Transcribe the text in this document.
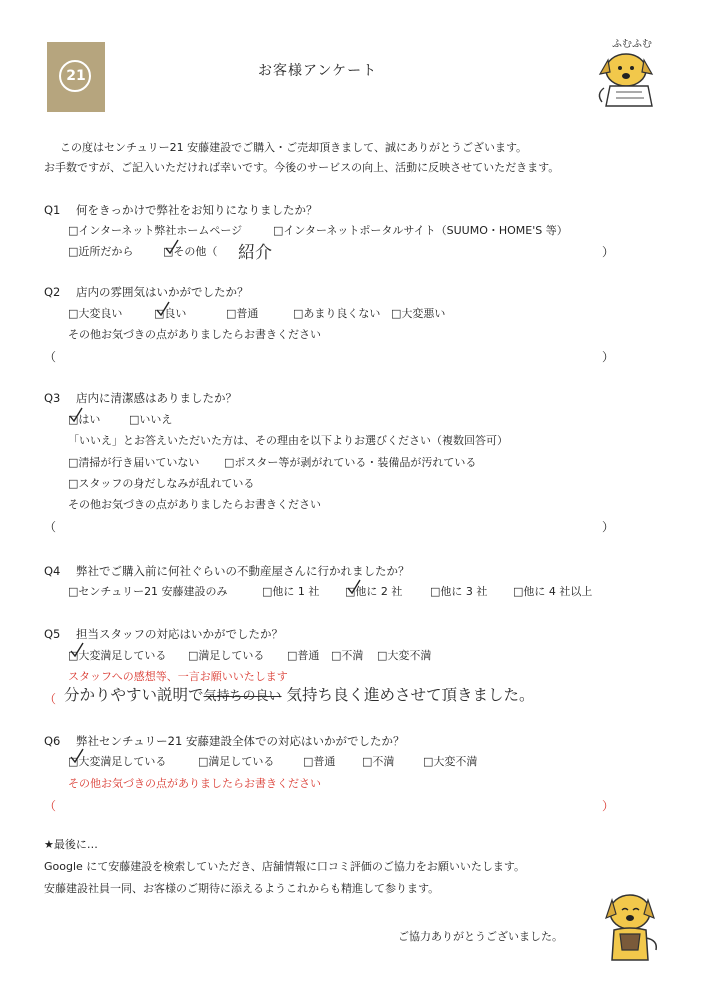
21	お客様アンケート
ふむふむ
この度はセンチュリー21 安藤建設でご購入・ご売却頂きまして、誠にありがとうございます。
お手数ですが、ご記入いただければ幸いです。今後のサービスの向上、活動に反映させていただきます。
Q1 何をきっかけで弊社をお知りになりましたか？
□インターネット弊社ホームページ	□インターネットポータルサイト（SUUMO・HOME'S 等）
□近所だから	□その他（ 紹介	）
Q2 店内の雰囲気はいかがでしたか？
□大変良い	□良い	□普通	□あまり良くない □大変悪い
その他お気づきの点がありましたらお書きください
（	）
Q3 店内に清潔感はありましたか？
□はい	□いいえ
「いいえ」とお答えいただいた方は、その理由を以下よりお選びください（複数回答可）
□清掃が行き届いていない □ポスター等が剥がれている・装備品が汚れている
□スタッフの身だしなみが乱れている
その他お気づきの点がありましたらお書きください
（	）
Q4 弊社でご購入前に何社ぐらいの不動産屋さんに行かれましたか？
□センチュリー21 安藤建設のみ	□他に 1 社 □他に 2 社	□他に 3 社 □他に 4 社以上
Q5 担当スタッフの対応はいかがでしたか？
□大変満足している □満足している □普通 □不満 □大変不満
スタッフへの感想等、一言お願いいたします
（ 分かりやすい説明で気持ちの良い 気持ち良く進めさせて頂きました。
Q6 弊社センチュリー21 安藤建設全体での対応はいかがでしたか？
□大変満足している	□満足している	□普通 □不満	□大変不満
その他お気づきの点がありましたらお書きください
（	）
★最後に…
Google にて安藤建設を検索していただき、店舗情報に口コミ評価のご協力をお願いいたします。
安藤建設社員一同、お客様のご期待に添えるようこれからも精進して参ります。
ご協力ありがとうございました。
